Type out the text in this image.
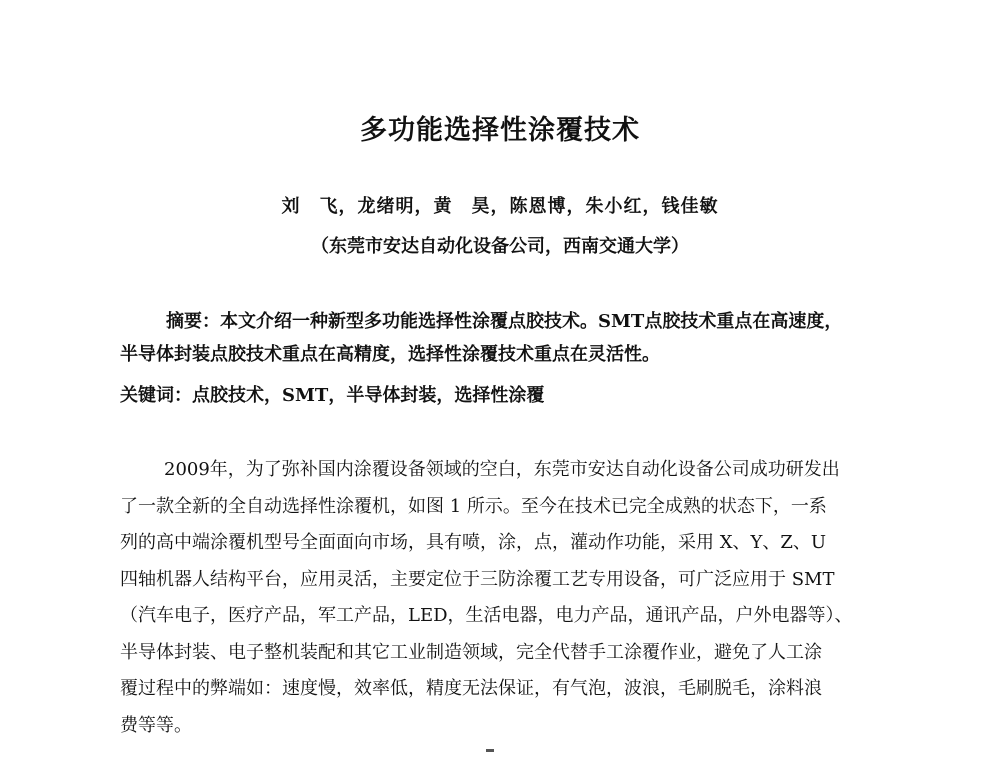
多功能选择性涂覆技术
刘　飞，龙绪明，黄　昊，陈恩博，朱小红，钱佳敏
（东莞市安达自动化设备公司，西南交通大学）

摘要：本文介绍一种新型多功能选择性涂覆点胶技术。SMT点胶技术重点在高速度，

半导体封装点胶技术重点在高精度，选择性涂覆技术重点在灵活性。

关键词：点胶技术，SMT，半导体封装，选择性涂覆
2009年，为了弥补国内涂覆设备领域的空白，东莞市安达自动化设备公司成功研发出
了一款全新的全自动选择性涂覆机，如图 1 所示。至今在技术已完全成熟的状态下，一系
列的高中端涂覆机型号全面面向市场，具有喷，涂，点，灌动作功能，采用 X、Y、Z、U
四轴机器人结构平台，应用灵活，主要定位于三防涂覆工艺专用设备，可广泛应用于 SMT
（汽车电子，医疗产品，军工产品，LED，生活电器，电力产品，通讯产品，户外电器等）、
半导体封装、电子整机装配和其它工业制造领域，完全代替手工涂覆作业，避免了人工涂
覆过程中的弊端如：速度慢，效率低，精度无法保证，有气泡，波浪，毛刷脱毛，涂料浪
费等等。
